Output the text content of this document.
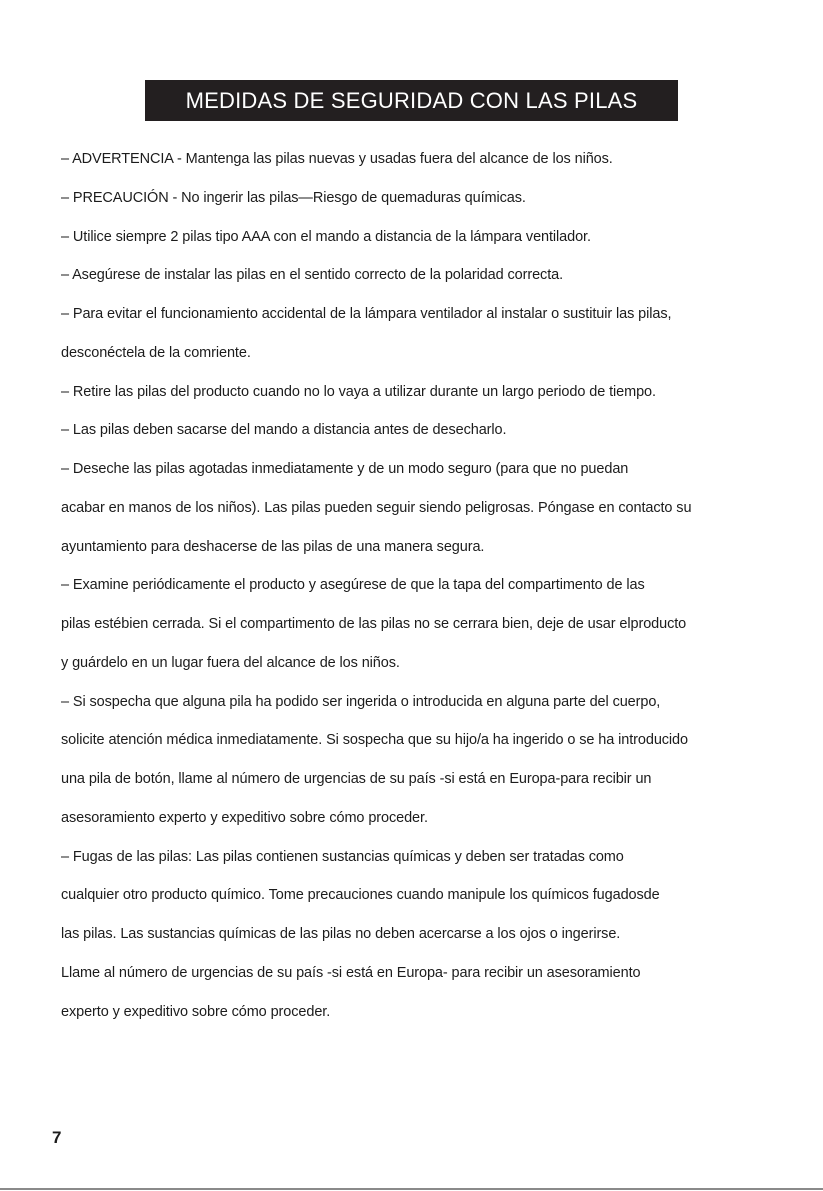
MEDIDAS DE SEGURIDAD CON LAS PILAS
– ADVERTENCIA - Mantenga las pilas nuevas y usadas fuera del alcance de los niños.
– PRECAUCIÓN - No ingerir las pilas—Riesgo de quemaduras químicas.
– Utilice siempre 2 pilas tipo AAA con el mando a distancia de la lámpara ventilador.
– Asegúrese de instalar las pilas en el sentido correcto de la polaridad correcta.
– Para evitar el funcionamiento accidental de la lámpara ventilador al instalar o sustituir las pilas,
desconéctela de la comriente.
– Retire las pilas del producto cuando no lo vaya a utilizar durante un largo periodo de tiempo.
– Las pilas deben sacarse del mando a distancia antes de desecharlo.
– Deseche las pilas agotadas inmediatamente y de un modo seguro (para que no puedan
acabar en manos de los niños). Las pilas pueden seguir siendo peligrosas. Póngase en contacto su
ayuntamiento para deshacerse de las pilas de una manera segura.
– Examine periódicamente el producto y asegúrese de que la tapa del compartimento de las
pilas estébien cerrada. Si el compartimento de las pilas no se cerrara bien, deje de usar elproducto
y guárdelo en un lugar fuera del alcance de los niños.
– Si sospecha que alguna pila ha podido ser ingerida o introducida en alguna parte del cuerpo,
solicite atención médica inmediatamente. Si sospecha que su hijo/a ha ingerido o se ha introducido
una pila de botón, llame al número de urgencias de su país -si está en Europa-para recibir un
asesoramiento experto y expeditivo sobre cómo proceder.
– Fugas de las pilas: Las pilas contienen sustancias químicas y deben ser tratadas como
cualquier otro producto químico. Tome precauciones cuando manipule los químicos fugadosde
las pilas. Las sustancias químicas de las pilas no deben acercarse a los ojos o ingerirse.
Llame al número de urgencias de su país -si está en Europa- para recibir un asesoramiento
experto y expeditivo sobre cómo proceder.
7
